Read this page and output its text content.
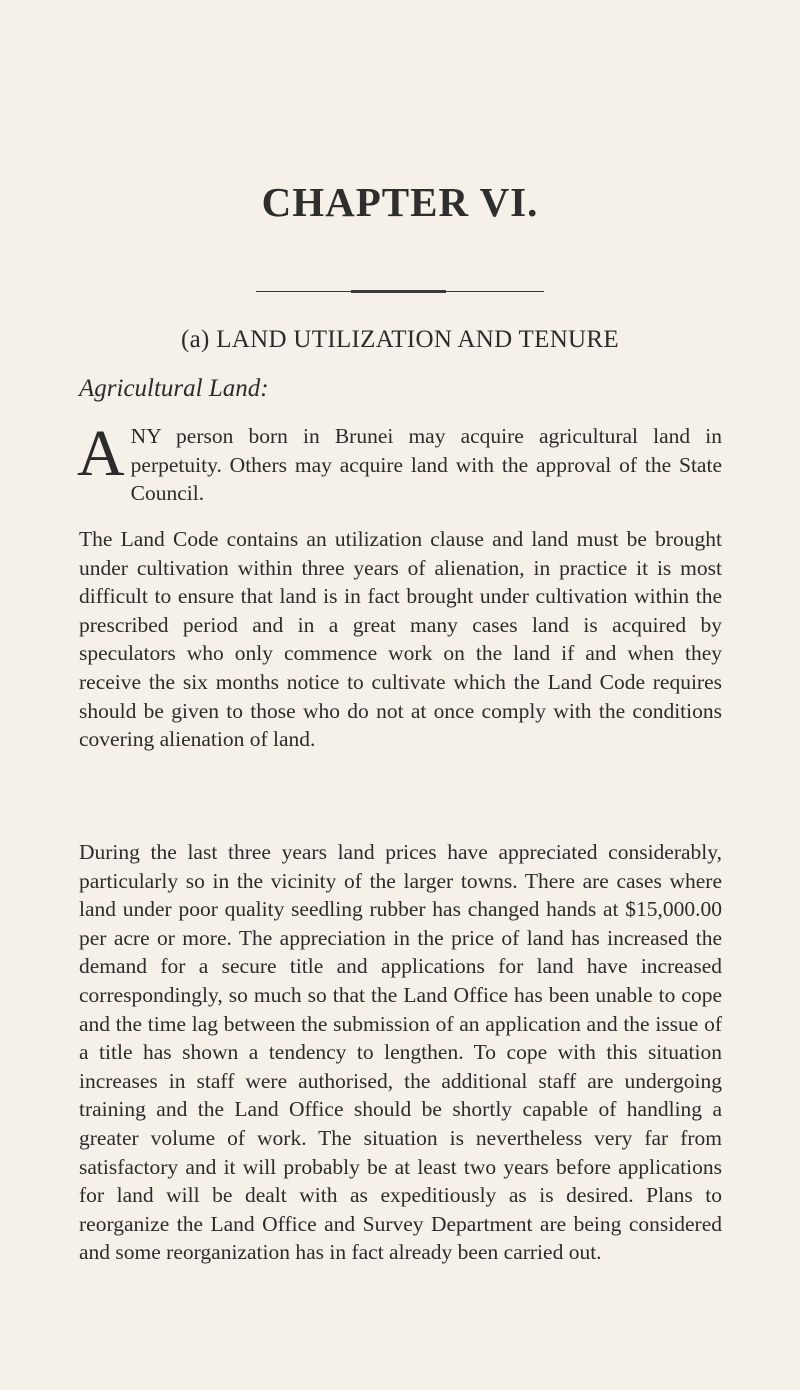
CHAPTER VI.
(a) LAND UTILIZATION AND TENURE
Agricultural Land:

A NY person born in Brunei may acquire agricultural land in perpetuity. Others may acquire land with the approval of the State Council.

The Land Code contains an utilization clause and land must be brought under cultivation within three years of alienation, in practice it is most difficult to ensure that land is in fact brought under cultivation within the prescribed period and in a great many cases land is acquired by speculators who only commence work on the land if and when they receive the six months notice to cultivate which the Land Code requires should be given to those who do not at once comply with the conditions covering alienation of land.

During the last three years land prices have appreciated considerably, particularly so in the vicinity of the larger towns. There are cases where land under poor quality seedling rubber has changed hands at $15,000.00 per acre or more. The appreciation in the price of land has increased the demand for a secure title and applications for land have increased correspondingly, so much so that the Land Office has been unable to cope and the time lag between the submission of an application and the issue of a title has shown a tendency to lengthen. To cope with this situation increases in staff were authorised, the additional staff are undergoing training and the Land Office should be shortly capable of handling a greater volume of work. The situation is nevertheless very far from satisfactory and it will probably be at least two years before applications for land will be dealt with as expeditiously as is desired. Plans to reorganize the Land Office and Survey Department are being considered and some reorganization has in fact already been carried out.
